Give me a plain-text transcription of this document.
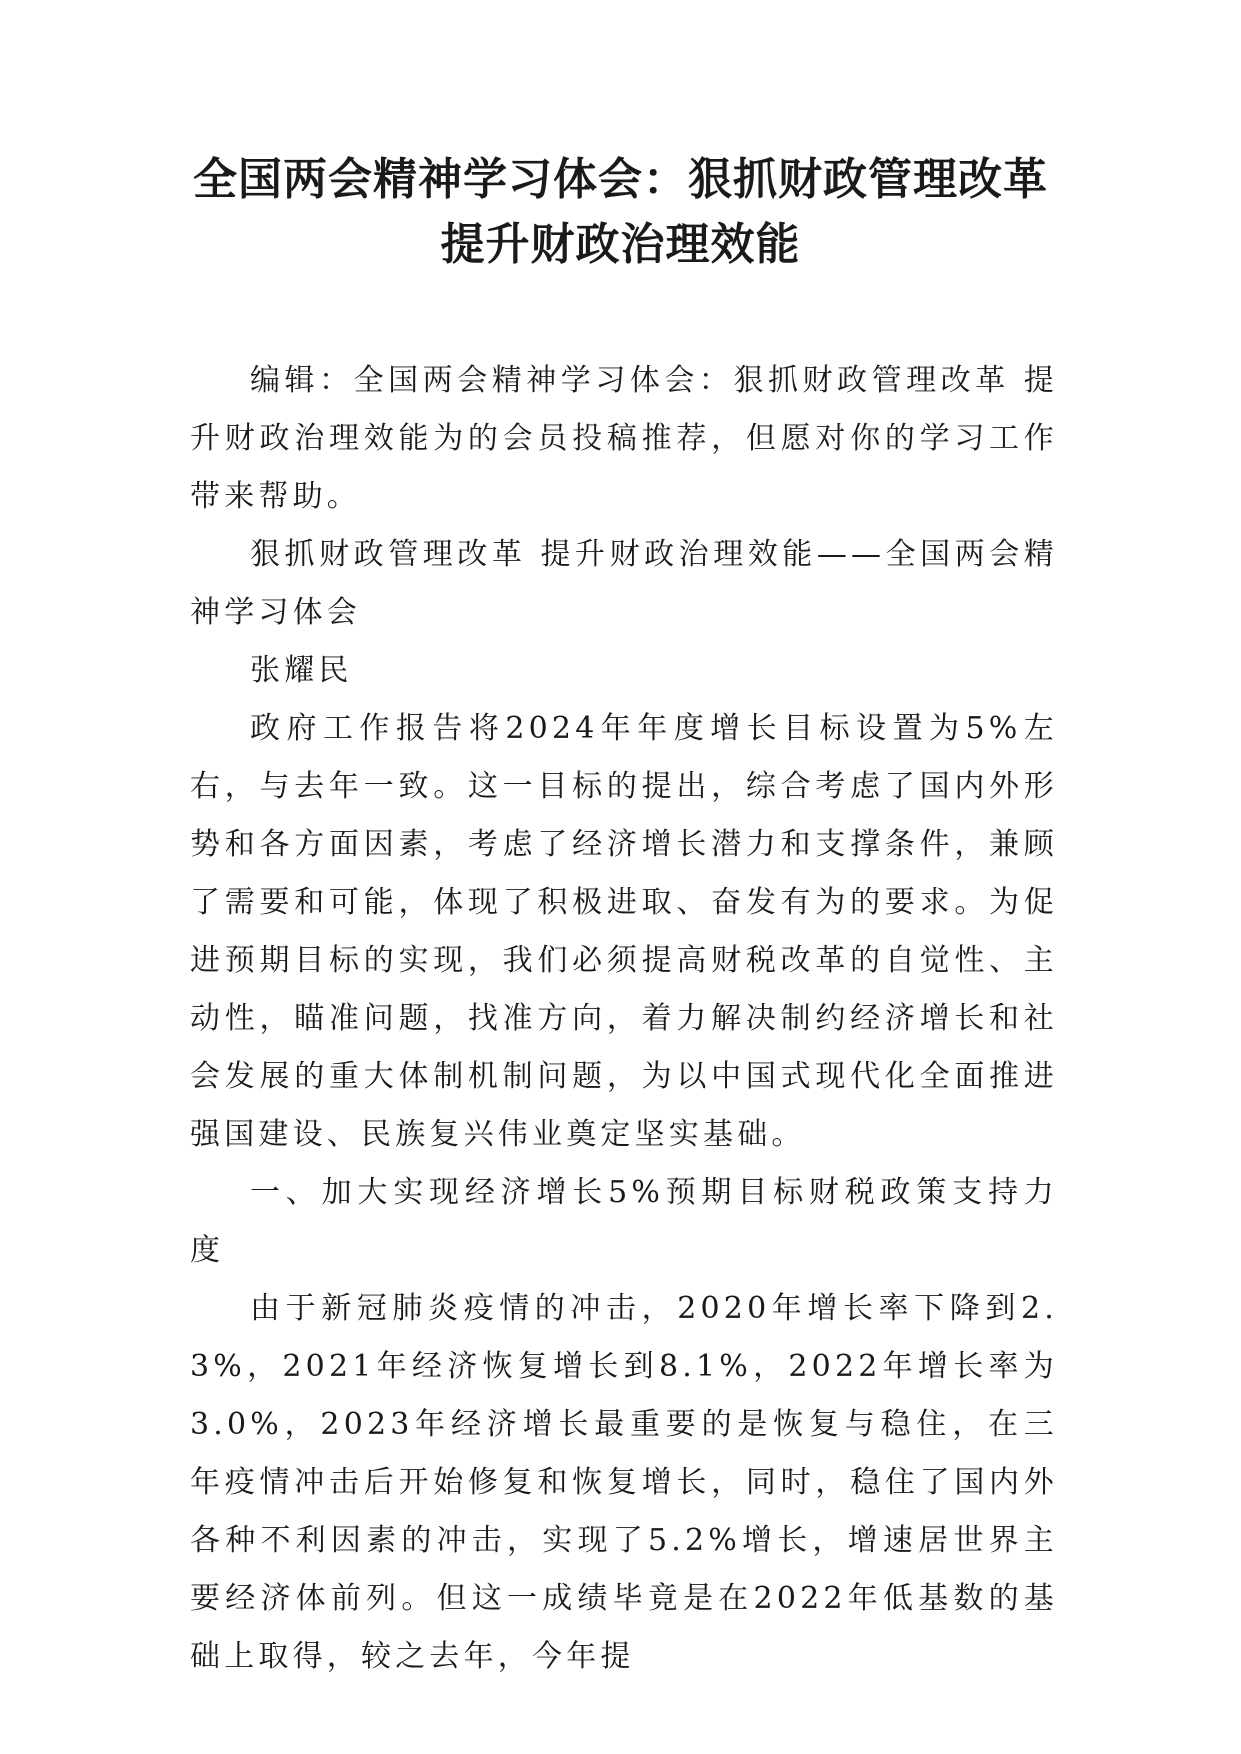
全国两会精神学习体会：狠抓财政管理改革
提升财政治理效能

编辑：全国两会精神学习体会：狠抓财政管理改革 提升财政治理效能为的会员投稿推荐，但愿对你的学习工作带来帮助。

狠抓财政管理改革 提升财政治理效能——全国两会精神学习体会

张耀民

政府工作报告将2024年年度增长目标设置为5%左右，与去年一致。这一目标的提出，综合考虑了国内外形势和各方面因素，考虑了经济增长潜力和支撑条件，兼顾了需要和可能，体现了积极进取、奋发有为的要求。为促进预期目标的实现，我们必须提高财税改革的自觉性、主动性，瞄准问题，找准方向，着力解决制约经济增长和社会发展的重大体制机制问题，为以中国式现代化全面推进强国建设、民族复兴伟业奠定坚实基础。

一、加大实现经济增长5%预期目标财税政策支持力度

由于新冠肺炎疫情的冲击，2020年增长率下降到2.3%，2021年经济恢复增长到8.1%，2022年增长率为3.0%，2023年经济增长最重要的是恢复与稳住，在三年疫情冲击后开始修复和恢复增长，同时，稳住了国内外各种不利因素的冲击，实现了5.2%增长，增速居世界主要经济体前列。但这一成绩毕竟是在2022年低基数的基础上取得，较之去年，今年提
